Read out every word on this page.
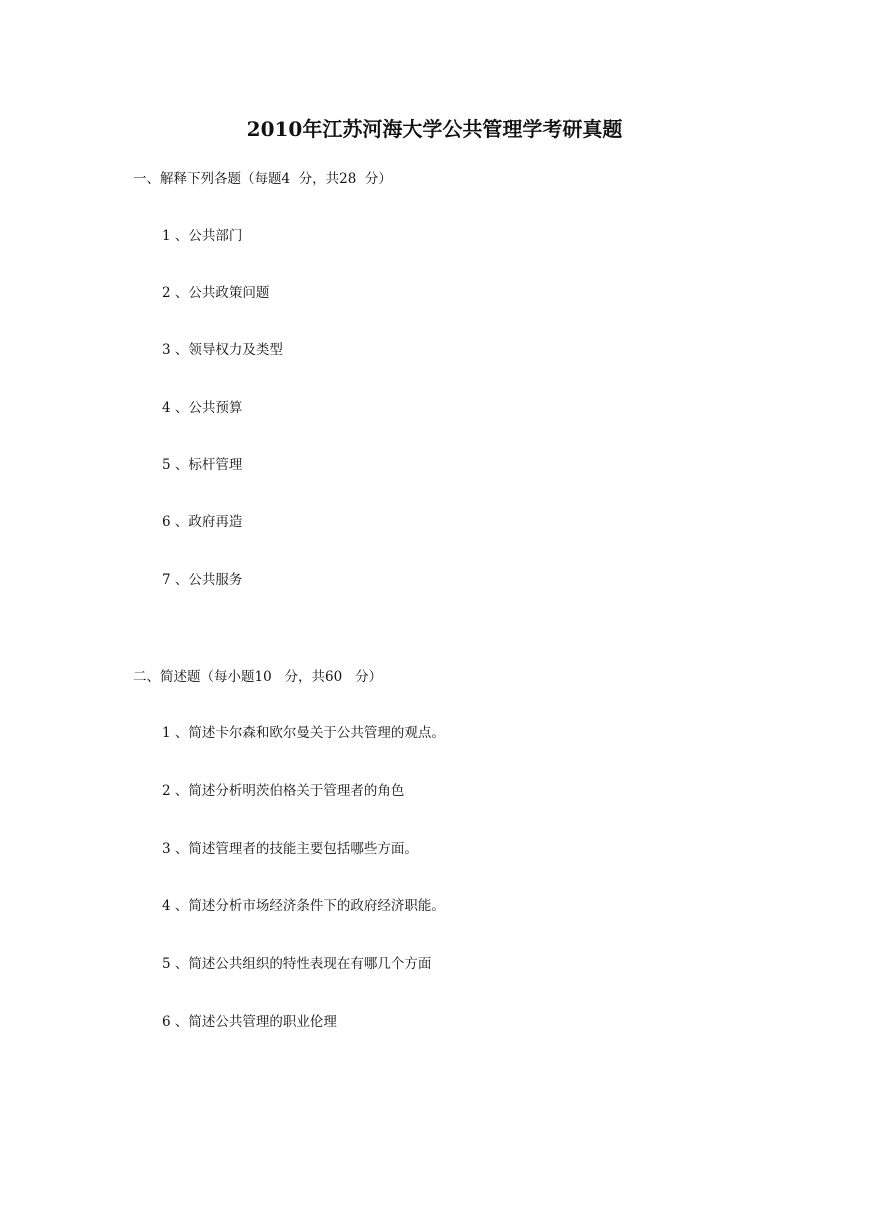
2010年江苏河海大学公共管理学考研真题
一、解释下列各题（每题4  分，共28  分）
1 、公共部门
2 、公共政策问题
3 、领导权力及类型
4 、公共预算
5 、标杆管理
6 、政府再造
7 、公共服务
二、简述题（每小题10   分，共60   分）
1 、简述卡尔森和欧尔曼关于公共管理的观点。
2 、简述分析明茨伯格关于管理者的角色
3 、简述管理者的技能主要包括哪些方面。
4 、简述分析市场经济条件下的政府经济职能。
5 、简述公共组织的特性表现在有哪几个方面
6 、简述公共管理的职业伦理
